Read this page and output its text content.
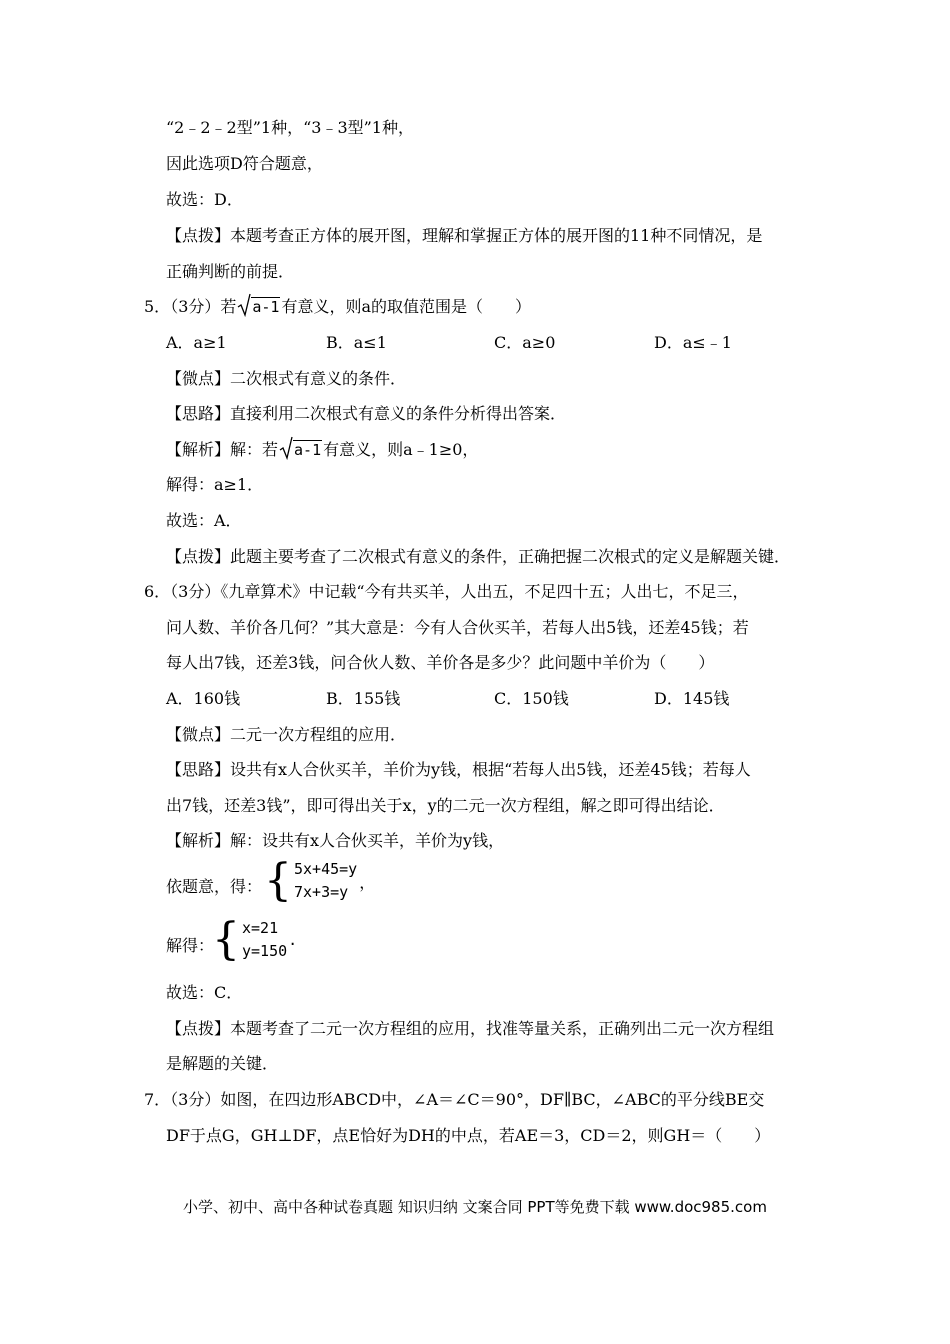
“2﹣2﹣2型”1种，“3﹣3型”1种，
因此选项D符合题意，
故选：D．
【点拨】本题考查正方体的展开图，理解和掌握正方体的展开图的11种不同情况，是
正确判断的前提．
5．（3分）若 a-1 有意义，则a的取值范围是（　　）
A．a≥1	B．a≤1	C．a≥0	D．a≤﹣1
【微点】二次根式有意义的条件．
【思路】直接利用二次根式有意义的条件分析得出答案．
【解析】解：若 a-1 有意义，则a﹣1≥0，
解得：a≥1．
故选：A．
【点拨】此题主要考查了二次根式有意义的条件，正确把握二次根式的定义是解题关键．
6．（3分）《九章算术》中记载“今有共买羊，人出五，不足四十五；人出七，不足三，
问人数、羊价各几何？”其大意是：今有人合伙买羊，若每人出5钱，还差45钱；若
每人出7钱，还差3钱，问合伙人数、羊价各是多少？此问题中羊价为（　　）
A．160钱	B．155钱	C．150钱	D．145钱
【微点】二元一次方程组的应用．
【思路】设共有x人合伙买羊，羊价为y钱，根据“若每人出5钱，还差45钱；若每人
出7钱，还差3钱”，即可得出关于x，y的二元一次方程组，解之即可得出结论．
【解析】解：设共有x人合伙买羊，羊价为y钱，
依题意，得： { 5x+45=y
7x+3=y
，
解得：
{ x=21
y=150
.
故选：C．
【点拨】本题考查了二元一次方程组的应用，找准等量关系，正确列出二元一次方程组
是解题的关键．
7．（3分）如图，在四边形ABCD中，∠A＝∠C＝90°，DF∥BC，∠ABC的平分线BE交
DF于点G，GH⊥DF，点E恰好为DH的中点，若AE＝3，CD＝2，则GH＝（　　）
小学、初中、高中各种试卷真题 知识归纳 文案合同 PPT等免费下载 www.doc985.com
